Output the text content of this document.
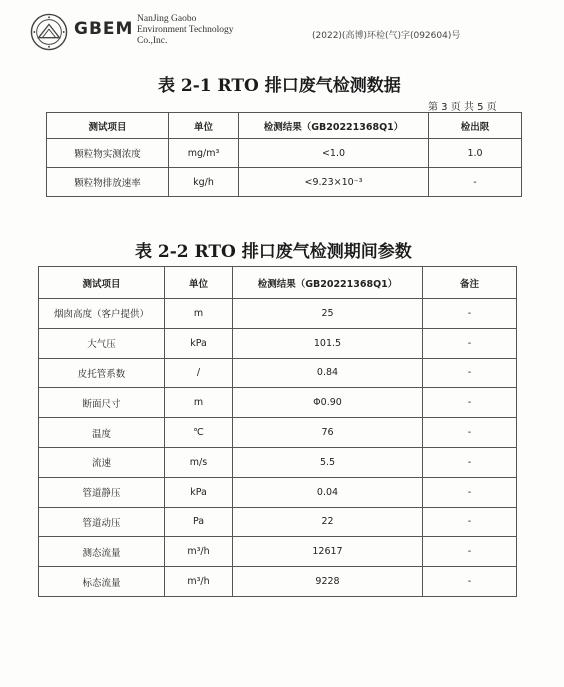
GBEM NanJing Gaobo
Environment Technology
Co.,Inc.	(2022)(高博)环检(气)字(092604)号
表 2-1 RTO 排口废气检测数据
第 3 页 共 5 页
测试项目	单位	检测结果（GB20221368Q1）	检出限
颗粒物实测浓度	mg/m³	<1.0	1.0
颗粒物排放速率	kg/h	<9.23×10⁻³	-
表 2-2 RTO 排口废气检测期间参数
测试项目	单位	检测结果（GB20221368Q1）	备注
烟囱高度（客户提供）	m	25	-
大气压	kPa	101.5	-
皮托管系数	/	0.84	-
断面尺寸	m	Φ0.90	-
温度	℃	76	-
流速	m/s	5.5	-
管道静压	kPa	0.04	-
管道动压	Pa	22	-
测态流量	m³/h	12617	-
标态流量	m³/h	9228	-
